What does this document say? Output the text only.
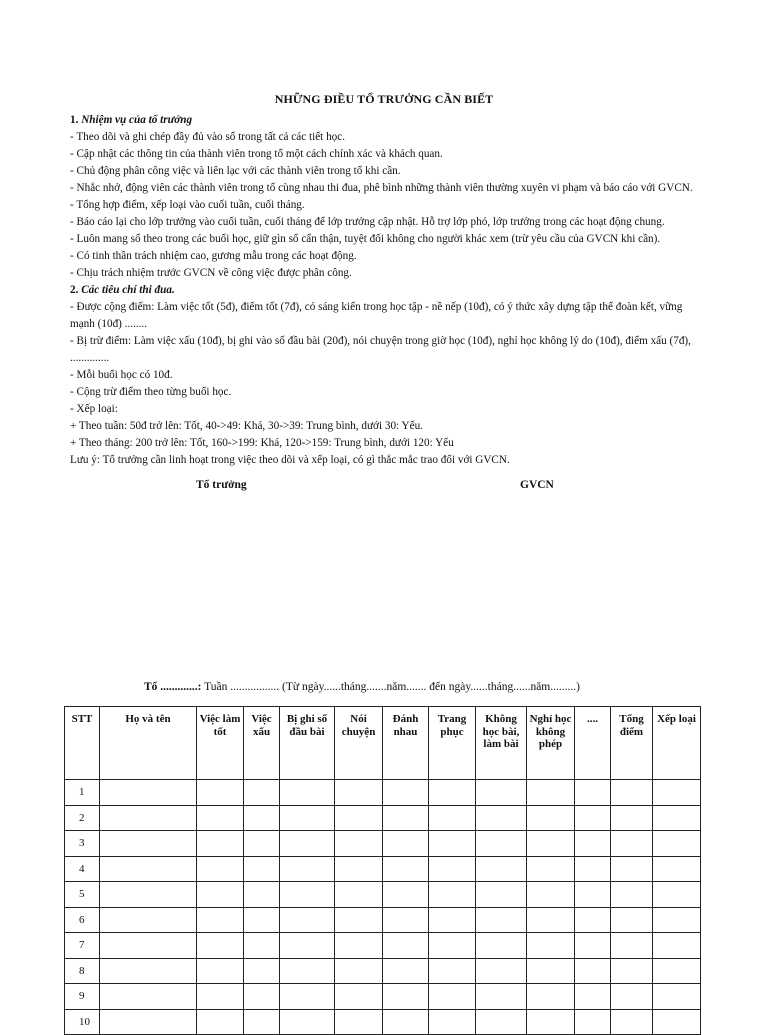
NHỮNG ĐIỀU TỔ TRƯỞNG CẦN BIẾT

1. Nhiệm vụ của tổ trưởng

- Theo dõi và ghi chép đầy đủ vào sổ trong tất cả các tiết học.

- Cập nhật các thông tin của thành viên trong tổ một cách chính xác và khách quan.

- Chủ động phân công việc và liên lạc với các thành viên trong tổ khi cần.

- Nhắc nhở, động viên các thành viên trong tổ cùng nhau thi đua, phê bình những thành viên thường xuyên vi phạm và báo cáo với GVCN.

- Tổng hợp điểm, xếp loại vào cuối tuần, cuối tháng.

- Báo cáo lại cho lớp trưởng vào cuối tuần, cuối tháng để lớp trưởng cập nhật. Hỗ trợ lớp phó, lớp trưởng trong các hoạt động chung.

- Luôn mang sổ theo trong các buổi học, giữ gìn sổ cẩn thận, tuyệt đối không cho người khác xem (trừ yêu cầu của GVCN khi cần).

- Có tinh thần trách nhiệm cao, gương mẫu trong các hoạt động.

- Chịu trách nhiệm trước GVCN về công việc được phân công.

2. Các tiêu chí thi đua.

- Được cộng điểm: Làm việc tốt (5đ), điểm tốt (7đ), có sáng kiến trong học tập - nề nếp (10đ), có ý thức xây dựng tập thể đoàn kết, vững mạnh (10đ) ........

- Bị trừ điểm: Làm việc xấu (10đ), bị ghi vào sổ đầu bài (20đ), nói chuyện trong giờ học (10đ), nghỉ học không lý do (10đ), điểm xấu (7đ), ..............

- Mỗi buổi học có 10đ.

- Cộng trừ điểm theo từng buổi học.

- Xếp loại:

+ Theo tuần: 50đ trở lên: Tốt, 40->49: Khá, 30->39: Trung bình, dưới 30: Yếu.

+ Theo tháng: 200 trở lên: Tốt, 160->199: Khá, 120->159: Trung bình, dưới 120: Yếu

Lưu ý: Tổ trưởng cần linh hoạt trong việc theo dõi và xếp loại, có gì thắc mắc trao đổi với GVCN.

Tổ trưởng	GVCN
Tổ .............: Tuần ................. (Từ ngày......tháng.......năm....... đến ngày......tháng......năm.........)
STT	Họ và tên	Việc làm tốt	Việc xấu	Bị ghi sổ đầu bài	Nói chuyện	Đánh nhau	Trang phục	Không học bài, làm bài	Nghỉ học không phép	....	Tổng điểm	Xếp loại
1												
2												
3												
4												
5												
6												
7												
8												
9												
10												
